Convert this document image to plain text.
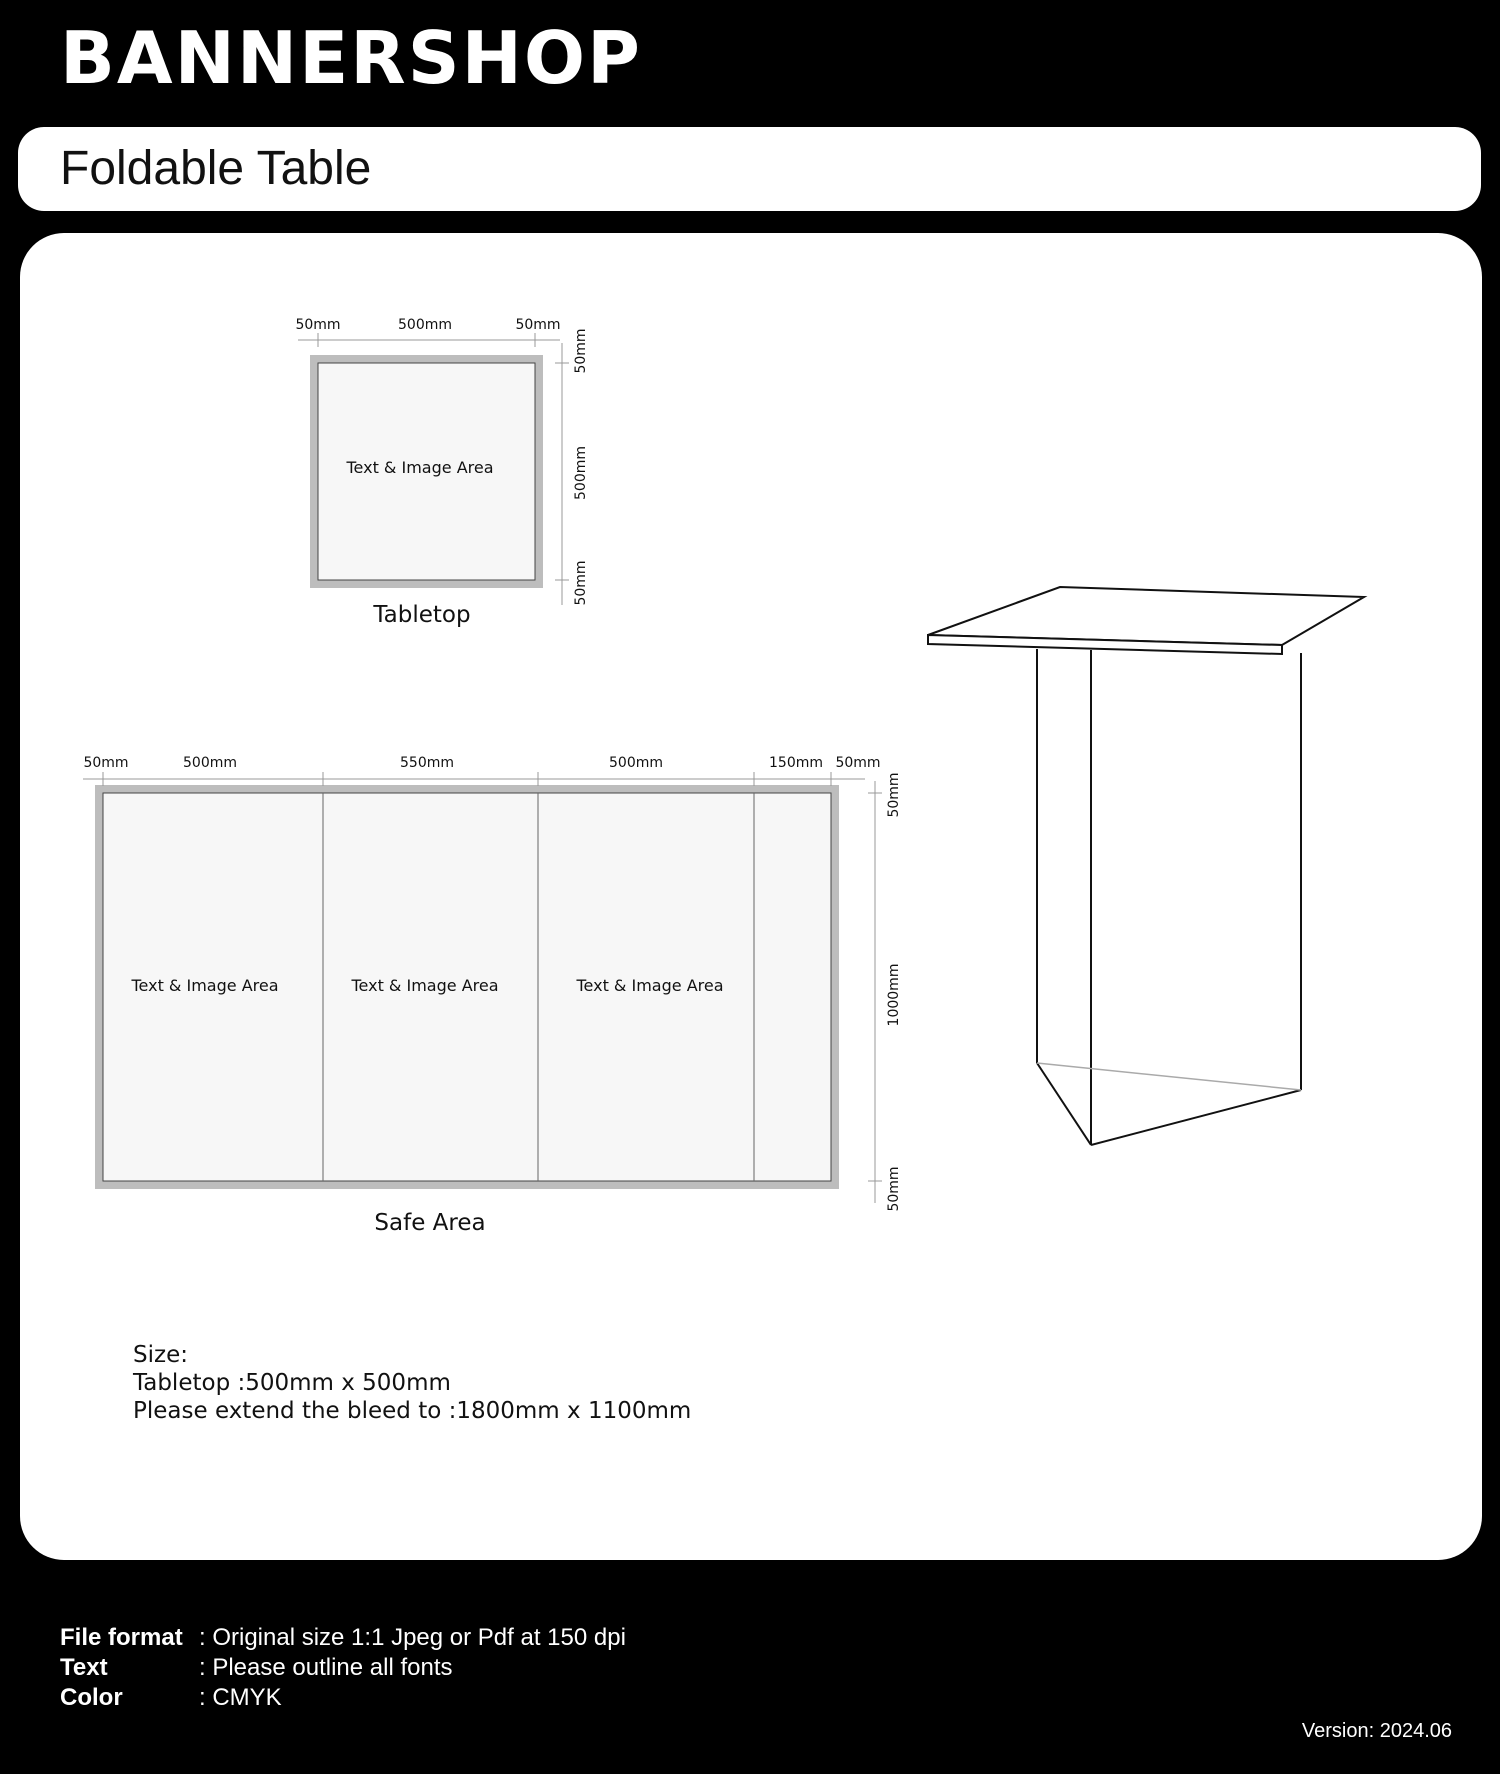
BANNERSHOP
Foldable Table
Text & Image Area
50mm	500mm	50mm
50mm
500mm
50mm
Tabletop
Text & Image Area	Text & Image Area	Text & Image Area
50mm	500mm	550mm	500mm	150mm 50mm
50mm
1000mm
50mm
Safe Area
Size:
Tabletop :500mm x 500mm
Please extend the bleed to :1800mm x 1100mm
File format : Original size 1:1 Jpeg or Pdf at 150 dpi
Text	: Please outline all fonts
Color	: CMYK
Version: 2024.06
